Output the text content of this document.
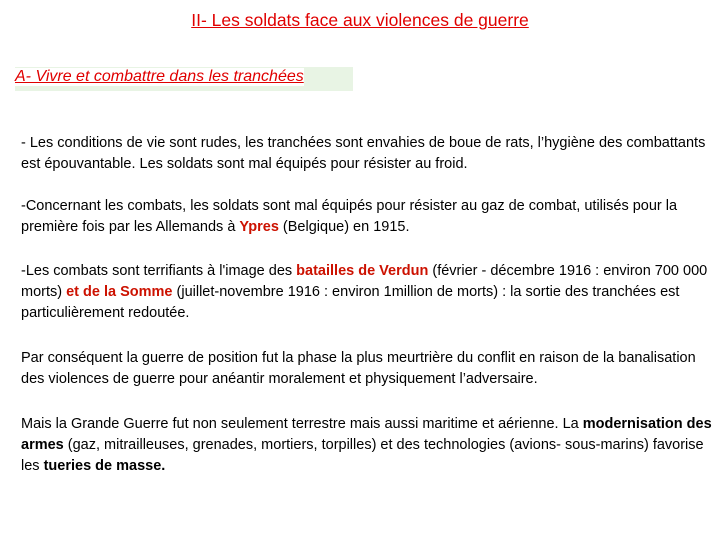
II- Les soldats face aux violences de guerre
A- Vivre et combattre dans les tranchées
- Les conditions de vie sont rudes, les tranchées sont envahies de boue de rats, l’hygiène des combattants est épouvantable. Les soldats sont mal équipés pour résister au froid.
-Concernant les combats, les soldats sont mal équipés pour résister au gaz de combat, utilisés pour la première fois par les Allemands à Ypres (Belgique) en 1915.
-Les combats sont terrifiants à l'image des batailles de Verdun (février - décembre 1916 : environ 700 000 morts) et de la Somme (juillet-novembre 1916 : environ 1million de morts) : la sortie des tranchées est particulièrement redoutée.
Par conséquent la guerre de position fut la phase la plus meurtrière du conflit en raison de la banalisation des violences de guerre pour anéantir moralement et physiquement l’adversaire.
Mais la Grande Guerre fut non seulement terrestre mais aussi maritime et aérienne. La modernisation des armes (gaz, mitrailleuses, grenades, mortiers, torpilles) et des technologies (avions- sous-marins) favorise les tueries de masse.
